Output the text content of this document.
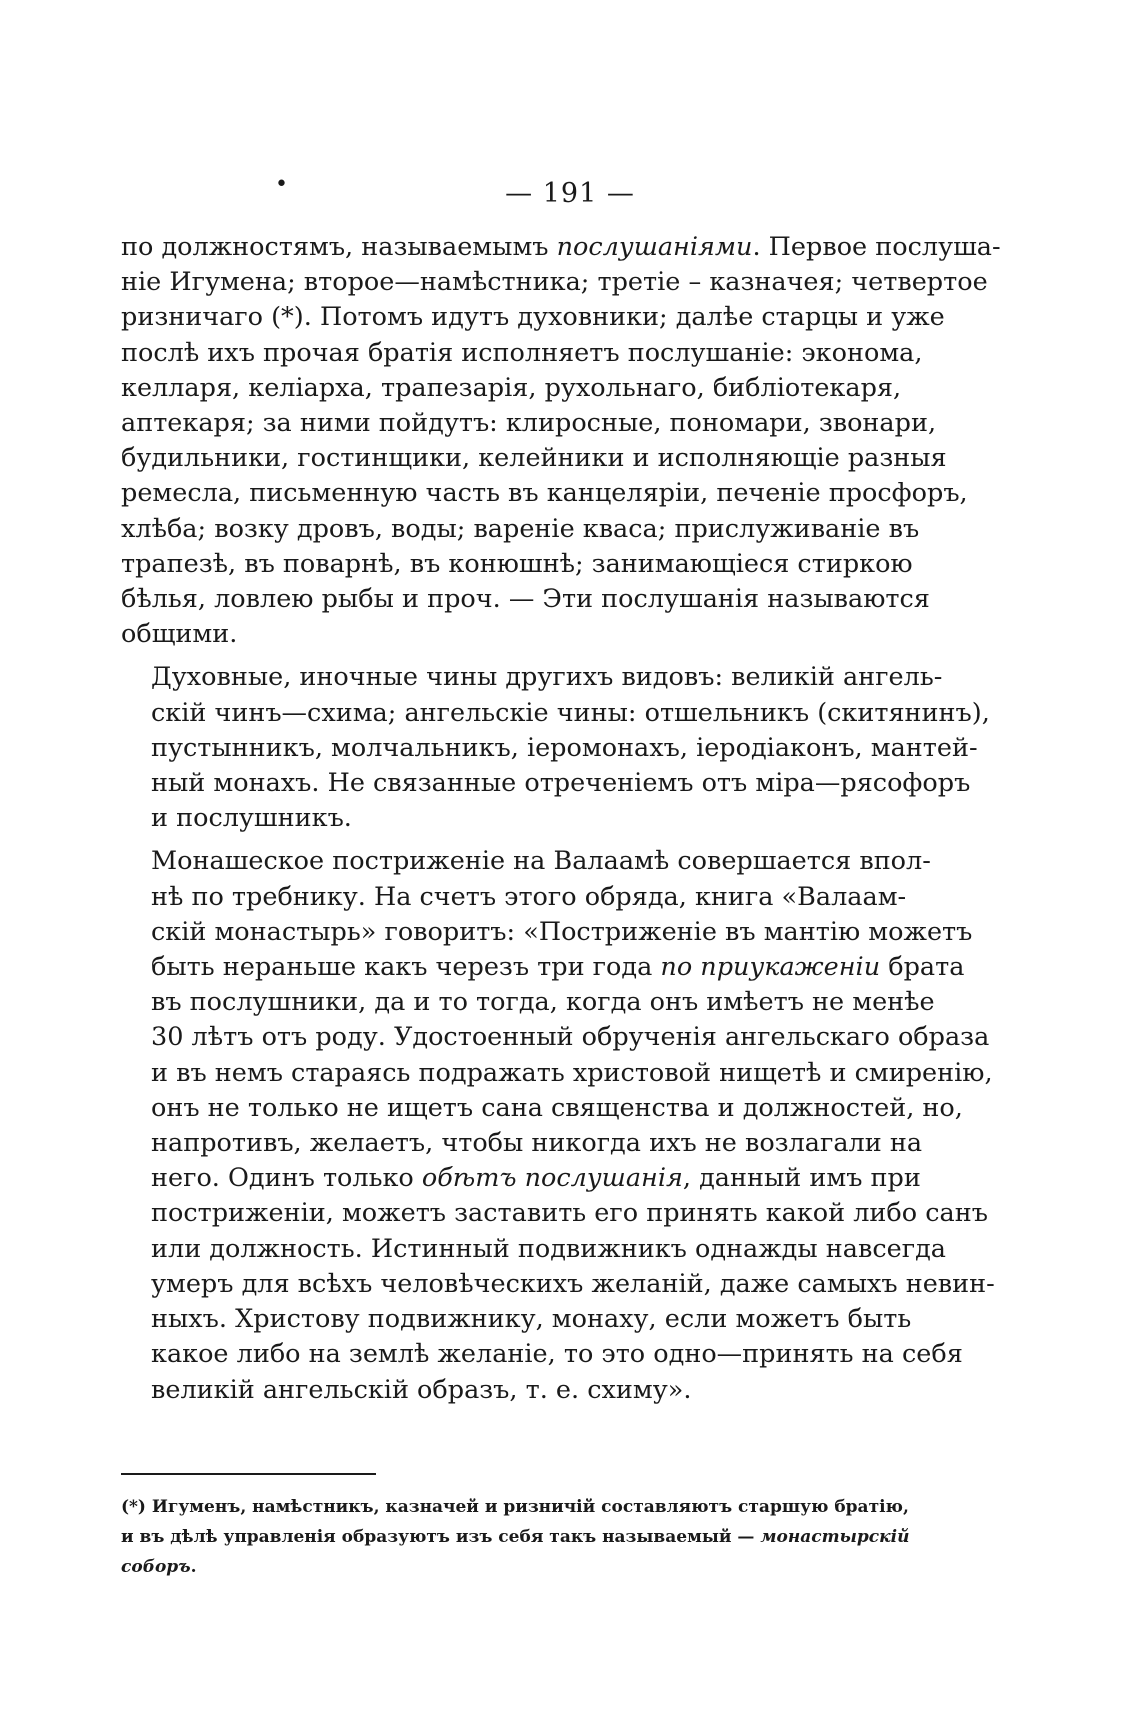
•	— 191 —

по должностямъ, называемымъ послушаніями. Первое послуша-
ніе Игумена; второе—намѣстника; третіе – казначея; четвертое
ризничаго (*). Потомъ идутъ духовники; далѣе старцы и уже
послѣ ихъ прочая братія исполняетъ послушаніе: эконома,
келларя, келіарха, трапезарія, рухольнаго, библіотекаря,
аптекаря; за ними пойдутъ: клиросные, пономари, звонари,
будильники, гостинщики, келейники и исполняющіе разныя
ремесла, письменную часть въ канцеляріи, печеніе просфоръ,
хлѣба; возку дровъ, воды; вареніе кваса; прислуживаніе въ
трапезѣ, въ поварнѣ, въ конюшнѣ; занимающіеся стиркою
бѣлья, ловлею рыбы и проч. — Эти послушанія называются
общими.

Духовные, иночные чины другихъ видовъ: великій ангель-
скій чинъ—схима; ангельскіе чины: отшельникъ (скитянинъ),
пустынникъ, молчальникъ, іеромонахъ, іеродіаконъ, мантей-
ный монахъ. Не связанные отреченіемъ отъ міра—рясофоръ
и послушникъ.

Монашеское постриженіе на Валаамѣ совершается впол-
нѣ по требнику. На счетъ этого обряда, книга «Валаам-
скій монастырь» говоритъ: «Постриженіе въ мантію можетъ
быть нераньше какъ черезъ три года по приукаженіи брата
въ послушники, да и то тогда, когда онъ имѣетъ не менѣе
30 лѣтъ отъ роду. Удостоенный обрученія ангельскаго образа
и въ немъ стараясь подражать христовой нищетѣ и смиренію,
онъ не только не ищетъ сана священства и должностей, но,
напротивъ, желаетъ, чтобы никогда ихъ не возлагали на
него. Одинъ только обѣтъ послушанія, данный имъ при
постриженіи, можетъ заставить его принять какой либо санъ
или должность. Истинный подвижникъ однажды навсегда
умеръ для всѣхъ человѣческихъ желаній, даже самыхъ невин-
ныхъ. Христову подвижнику, монаху, если можетъ быть
какое либо на землѣ желаніе, то это одно—принять на себя
великій ангельскій образъ, т. е. схиму».

(*) Игуменъ, намѣстникъ, казначей и ризничій составляютъ старшую братію,
и въ дѣлѣ управленія образуютъ изъ себя такъ называемый — монастырскій
соборъ.
